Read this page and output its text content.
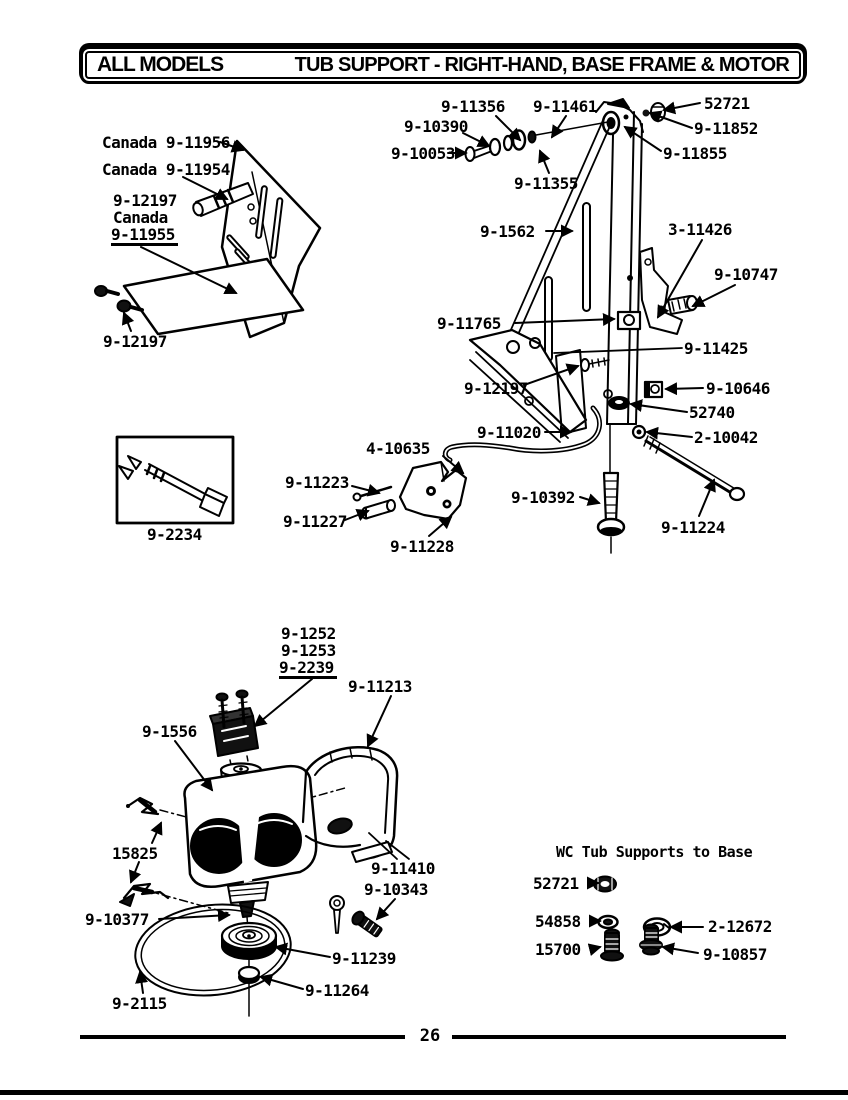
ALL MODELS	TUB SUPPORT - RIGHT-HAND, BASE FRAME & MOTOR
Canada 9-11956
Canada 9-11954
9-12197
Canada
9-11955
9-12197
9-11356 9-11461	52721
9-10390	9-11852
9-10053	9-11855
9-11355
9-1562	3-11426
9-10747
9-11765
9-11425
9-12197	9-10646
52740
9-11020	2-10042
9-10392
9-11224
9-2234
4-10635
9-11223
9-11227
9-11228
9-1252
9-1253
9-2239
9-11213
9-1556
15825
9-11410
9-10343
9-10377
9-11239
9-11264
9-2115
52721
54858	2-12672
15700	9-10857
WC Tub Supports to Base
26
